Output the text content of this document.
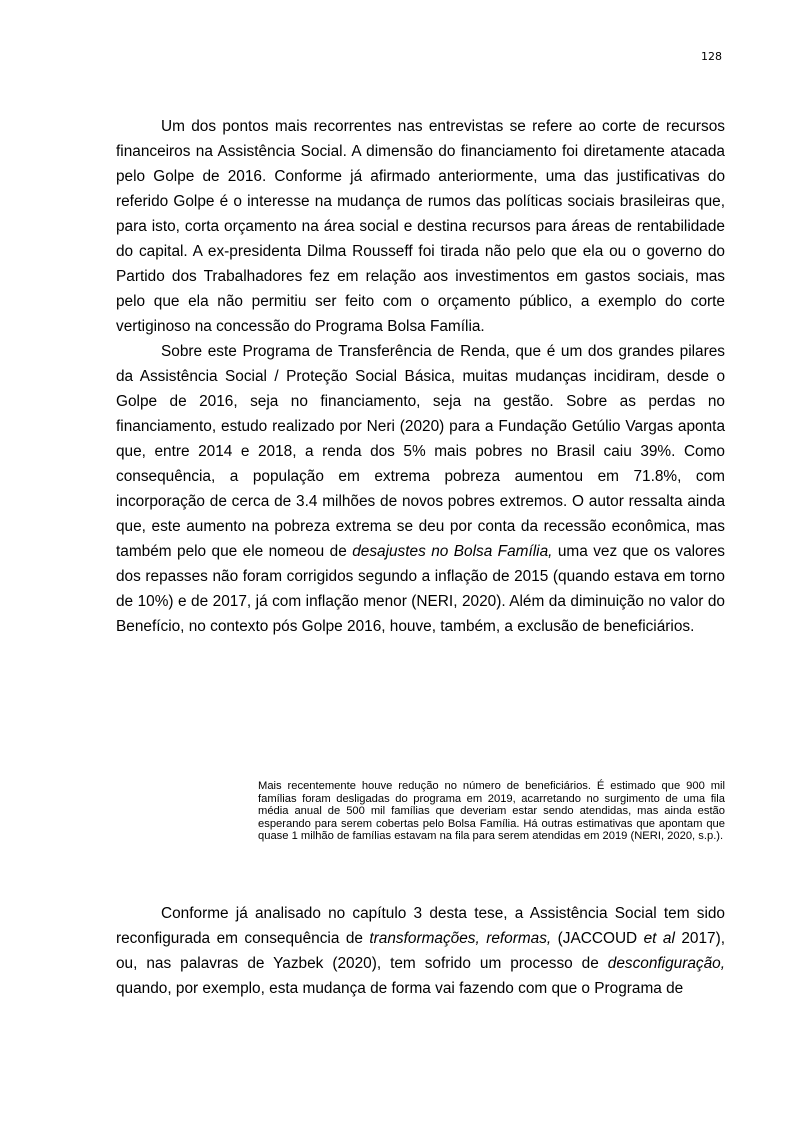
128

Um dos pontos mais recorrentes nas entrevistas se refere ao corte de recursos financeiros na Assistência Social. A dimensão do financiamento foi diretamente atacada pelo Golpe de 2016. Conforme já afirmado anteriormente, uma das justificativas do referido Golpe é o interesse na mudança de rumos das políticas sociais brasileiras que, para isto, corta orçamento na área social e destina recursos para áreas de rentabilidade do capital. A ex-presidenta Dilma Rousseff foi tirada não pelo que ela ou o governo do Partido dos Trabalhadores fez em relação aos investimentos em gastos sociais, mas pelo que ela não permitiu ser feito com o orçamento público, a exemplo do corte vertiginoso na concessão do Programa Bolsa Família.

Sobre este Programa de Transferência de Renda, que é um dos grandes pilares da Assistência Social / Proteção Social Básica, muitas mudanças incidiram, desde o Golpe de 2016, seja no financiamento, seja na gestão. Sobre as perdas no financiamento, estudo realizado por Neri (2020) para a Fundação Getúlio Vargas aponta que, entre 2014 e 2018, a renda dos 5% mais pobres no Brasil caiu 39%. Como consequência, a população em extrema pobreza aumentou em 71.8%, com incorporação de cerca de 3.4 milhões de novos pobres extremos. O autor ressalta ainda que, este aumento na pobreza extrema se deu por conta da recessão econômica, mas também pelo que ele nomeou de desajustes no Bolsa Família, uma vez que os valores dos repasses não foram corrigidos segundo a inflação de 2015 (quando estava em torno de 10%) e de 2017, já com inflação menor (NERI, 2020). Além da diminuição no valor do Benefício, no contexto pós Golpe 2016, houve, também, a exclusão de beneficiários.

Mais recentemente houve redução no número de beneficiários. É estimado que 900 mil famílias foram desligadas do programa em 2019, acarretando no surgimento de uma fila média anual de 500 mil famílias que deveriam estar sendo atendidas, mas ainda estão esperando para serem cobertas pelo Bolsa Família. Há outras estimativas que apontam que quase 1 milhão de famílias estavam na fila para serem atendidas em 2019 (NERI, 2020, s.p.).

Conforme já analisado no capítulo 3 desta tese, a Assistência Social tem sido reconfigurada em consequência de transformações, reformas, (JACCOUD et al 2017), ou, nas palavras de Yazbek (2020), tem sofrido um processo de desconfiguração, quando, por exemplo, esta mudança de forma vai fazendo com que o Programa de
